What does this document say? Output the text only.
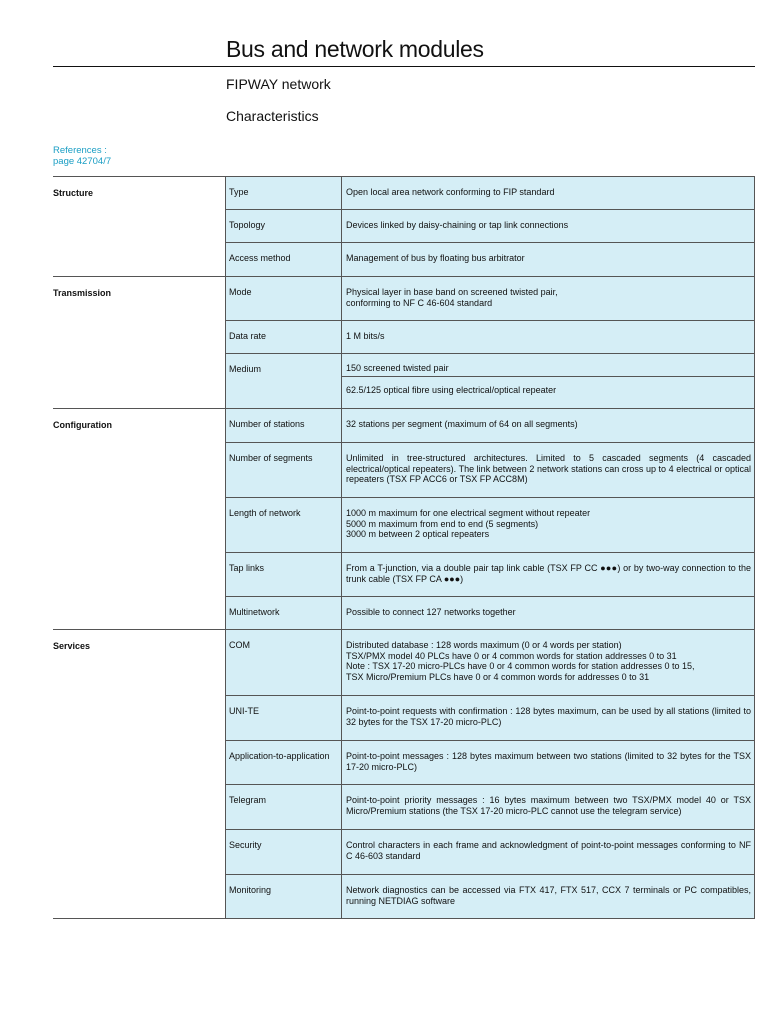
Bus and network modules
FIPWAY network
Characteristics
References :
page 42704/7
Structure	Type	Open local area network conforming to FIP standard
Topology	Devices linked by daisy-chaining or tap link connections
Access method	Management of bus by floating bus arbitrator
Transmission	Mode	Physical layer in base band on screened twisted pair,
conforming to NF C 46-604 standard
Data rate	1 M bits/s
Medium	150 screened twisted pair
62.5/125 optical fibre using electrical/optical repeater
Configuration	Number of stations	32 stations per segment (maximum of 64 on all segments)
Number of segments	Unlimited in tree-structured architectures. Limited to 5 cascaded segments (4 cascaded electrical/optical repeaters). The link between 2 network stations can cross up to 4 electrical or optical repeaters (TSX FP ACC6 or TSX FP ACC8M)
Length of network	1000 m maximum for one electrical segment without repeater
5000 m maximum from end to end (5 segments)
3000 m between 2 optical repeaters
Tap links	From a T-junction, via a double pair tap link cable (TSX FP CC ●●●) or by two-way connection to the trunk cable (TSX FP CA ●●●)
Multinetwork	Possible to connect 127 networks together
Services	COM	Distributed database : 128 words maximum (0 or 4 words per station)
TSX/PMX model 40 PLCs have 0 or 4 common words for station addresses 0 to 31
Note : TSX 17-20 micro-PLCs have 0 or 4 common words for station addresses 0 to 15,
TSX Micro/Premium PLCs have 0 or 4 common words for addresses 0 to 31
UNI-TE	Point-to-point requests with confirmation : 128 bytes maximum, can be used by all stations (limited to 32 bytes for the TSX 17-20 micro-PLC)
Application-to-application	Point-to-point messages : 128 bytes maximum between two stations (limited to 32 bytes for the TSX 17-20 micro-PLC)
Telegram	Point-to-point priority messages : 16 bytes maximum between two TSX/PMX model 40 or TSX Micro/Premium stations (the TSX 17-20 micro-PLC cannot use the telegram service)
Security	Control characters in each frame and acknowledgment of point-to-point messages conforming to NF C 46-603 standard
Monitoring	Network diagnostics can be accessed via FTX 417, FTX 517, CCX 7 terminals or PC compatibles, running NETDIAG software
